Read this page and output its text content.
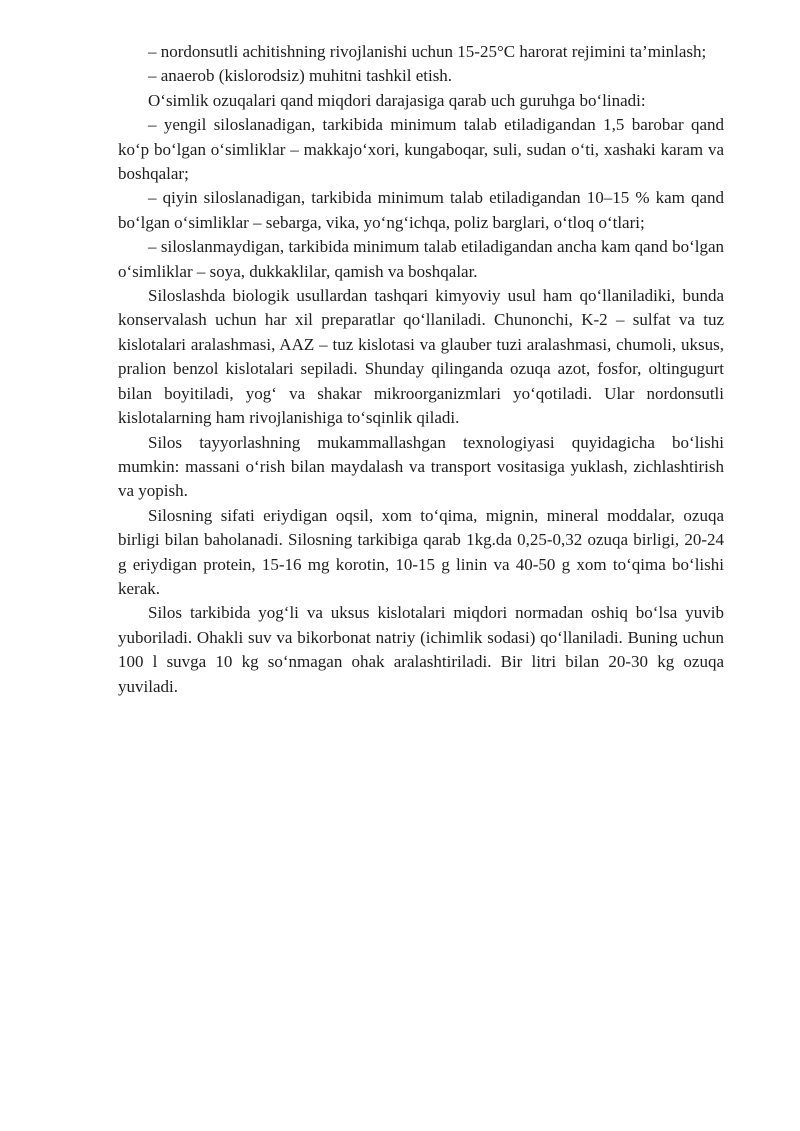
– nordonsutli achitishning rivojlanishi uchun 15-25°C harorat rejimini ta’minlash;

– anaerob (kislorodsiz) muhitni tashkil etish.

O‘simlik ozuqalari qand miqdori darajasiga qarab uch guruhga bo‘linadi:

– yengil siloslanadigan, tarkibida minimum talab etiladigandan 1,5 barobar qand ko‘p bo‘lgan o‘simliklar – makkajo‘xori, kungaboqar, suli, sudan o‘ti, xashaki karam va boshqalar;

– qiyin siloslanadigan, tarkibida minimum talab etiladigandan 10–15 % kam qand bo‘lgan o‘simliklar – sebarga, vika, yo‘ng‘ichqa, poliz barglari, o‘tloq o‘tlari;

– siloslanmaydigan, tarkibida minimum talab etiladigandan ancha kam qand bo‘lgan o‘simliklar – soya, dukkaklilar, qamish va boshqalar.

Siloslashda biologik usullardan tashqari kimyoviy usul ham qo‘llaniladiki, bunda konservalash uchun har xil preparatlar qo‘llaniladi. Chunonchi, K-2 – sulfat va tuz kislotalari aralashmasi, AAZ – tuz kislotasi va glauber tuzi aralashmasi, chumoli, uksus, pralion benzol kislotalari sepiladi. Shunday qilinganda ozuqa azot, fosfor, oltingugurt bilan boyitiladi, yog‘ va shakar mikroorganizmlari yo‘qotiladi. Ular nordonsutli kislotalarning ham rivojlanishiga to‘sqinlik qiladi.

Silos tayyorlashning mukammallashgan texnologiyasi quyidagicha bo‘lishi mumkin: massani o‘rish bilan maydalash va transport vositasiga yuklash, zichlashtirish va yopish.

Silosning sifati eriydigan oqsil, xom to‘qima, mignin, mineral moddalar, ozuqa birligi bilan baholanadi. Silosning tarkibiga qarab 1kg.da 0,25-0,32 ozuqa birligi, 20-24 g eriydigan protein, 15-16 mg korotin, 10-15 g linin va 40-50 g xom to‘qima bo‘lishi kerak.

Silos tarkibida yog‘li va uksus kislotalari miqdori normadan oshiq bo‘lsa yuvib yuboriladi. Ohakli suv va bikorbonat natriy (ichimlik sodasi) qo‘llaniladi. Buning uchun 100 l suvga 10 kg so‘nmagan ohak aralashtiriladi. Bir litri bilan 20-30 kg ozuqa yuviladi.
